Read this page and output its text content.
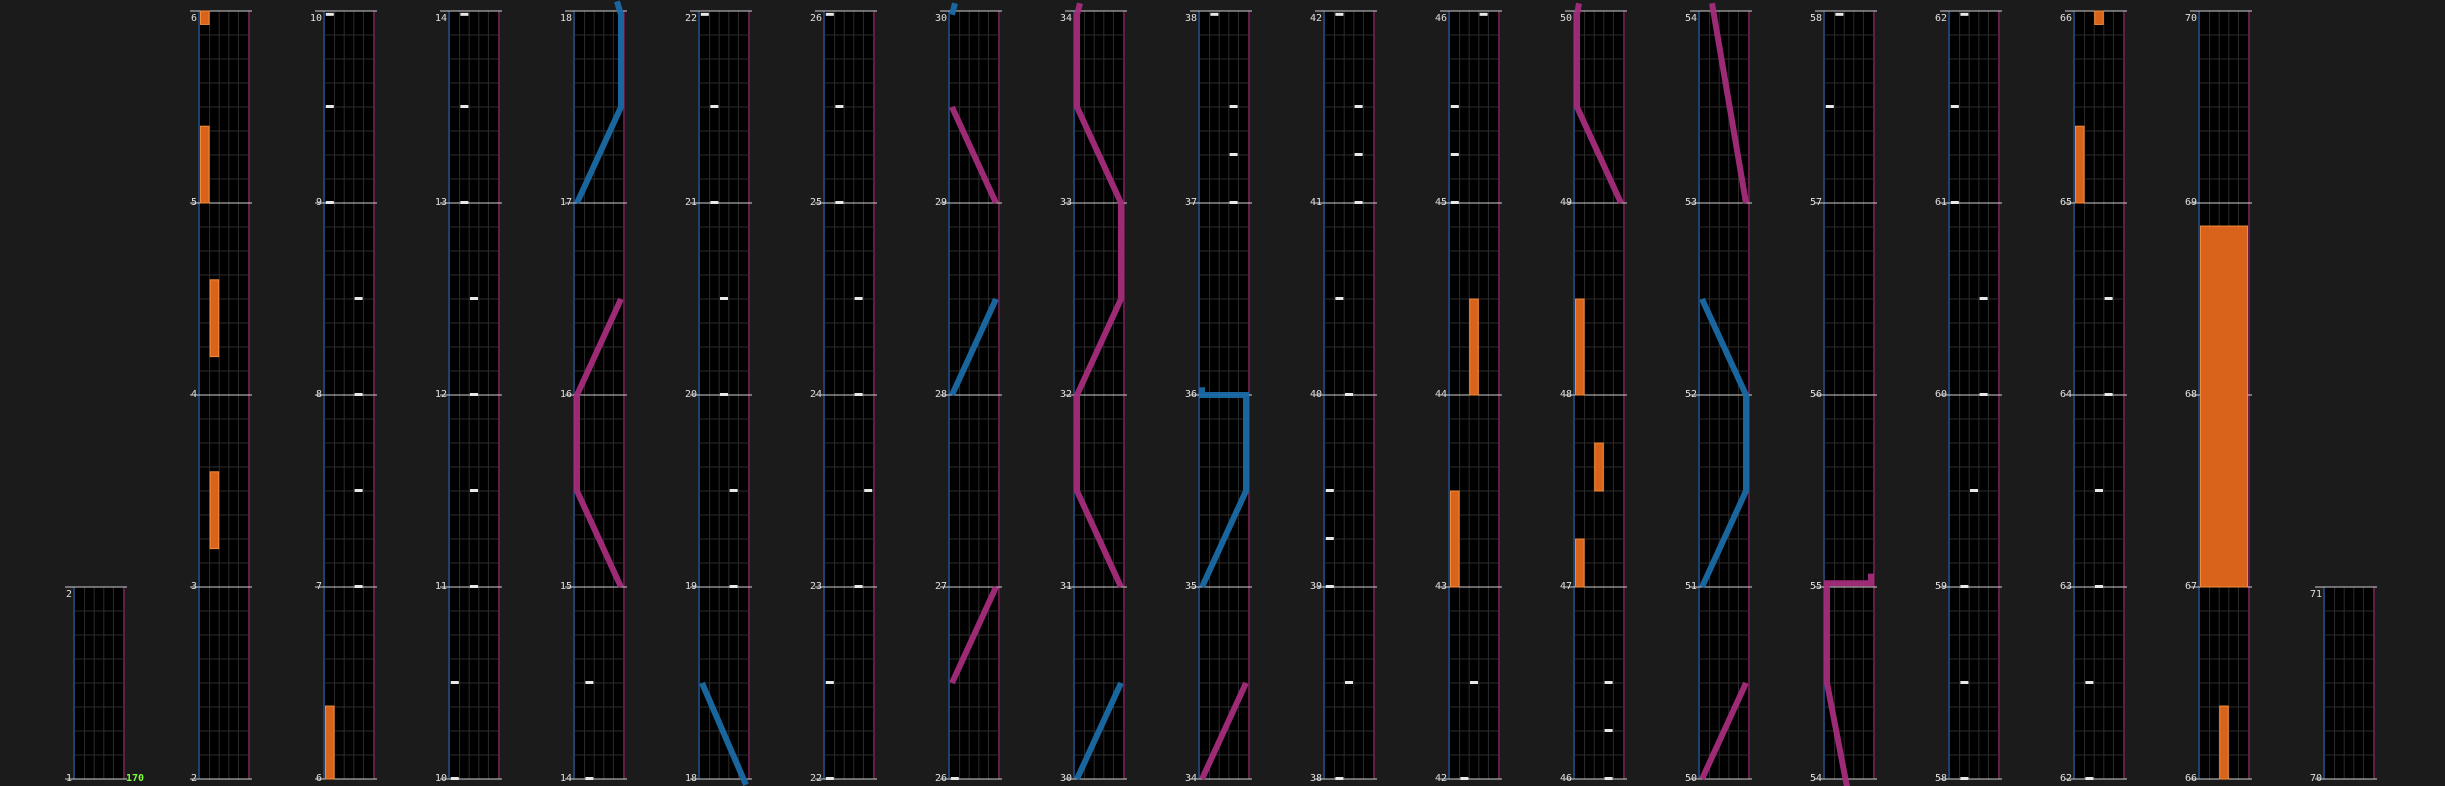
1
2
3
4
5
2
6
7
8
9
6
10
11
12
13
10
14
15
16
17
14
18
19
20
21
18
22
23
24
25
22
26
27
28
29
26
30
31
32
33
30
34
35
36
37
34
38
39
40
41
38
42
43
44
45
42
46
47
48
49
46
50
51
52
53
50
54
55
56
57
54
58
59
60
61
58
62
63
64
65
62
66
67
68
69
66
70
70
71
170
